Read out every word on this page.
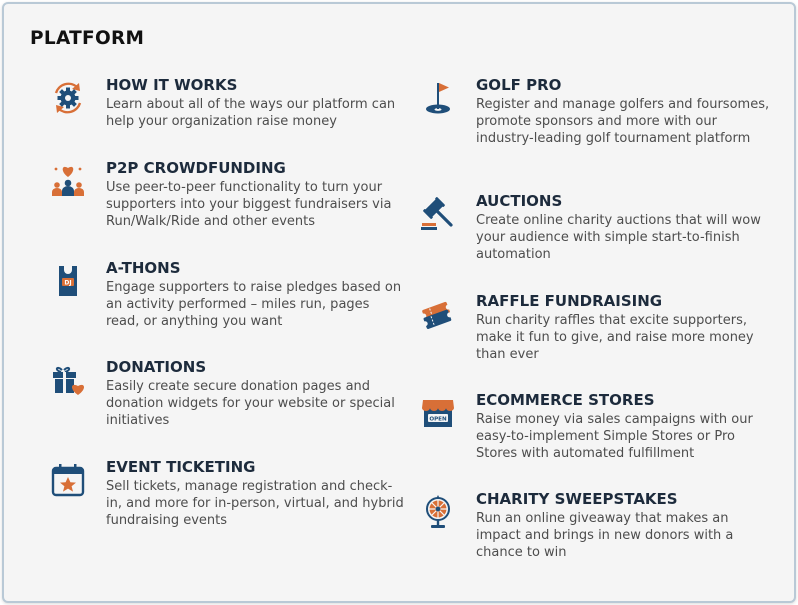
PLATFORM
HOW IT WORKS

Learn about all of the ways our platform can help your organization raise money

P2P CROWDFUNDING

Use peer-to-peer functionality to turn your supporters into your biggest fundraisers via Run/Walk/Ride and other events

DJ
A-THONS

Engage supporters to raise pledges based on an activity performed – miles run, pages read, or anything you want

DONATIONS

Easily create secure donation pages and donation widgets for your website or special initiatives

EVENT TICKETING

Sell tickets, manage registration and check-in, and more for in-person, virtual, and hybrid fundraising events

GOLF PRO

Register and manage golfers and foursomes, promote sponsors and more with our industry-leading golf tournament platform

AUCTIONS

Create online charity auctions that will wow your audience with simple start-to-finish automation

RAFFLE FUNDRAISING

Run charity raffles that excite supporters, make it fun to give, and raise more money than ever

OPEN
ECOMMERCE STORES

Raise money via sales campaigns with our easy-to-implement Simple Stores or Pro Stores with automated fulfillment

CHARITY SWEEPSTAKES

Run an online giveaway that makes an impact and brings in new donors with a chance to win
